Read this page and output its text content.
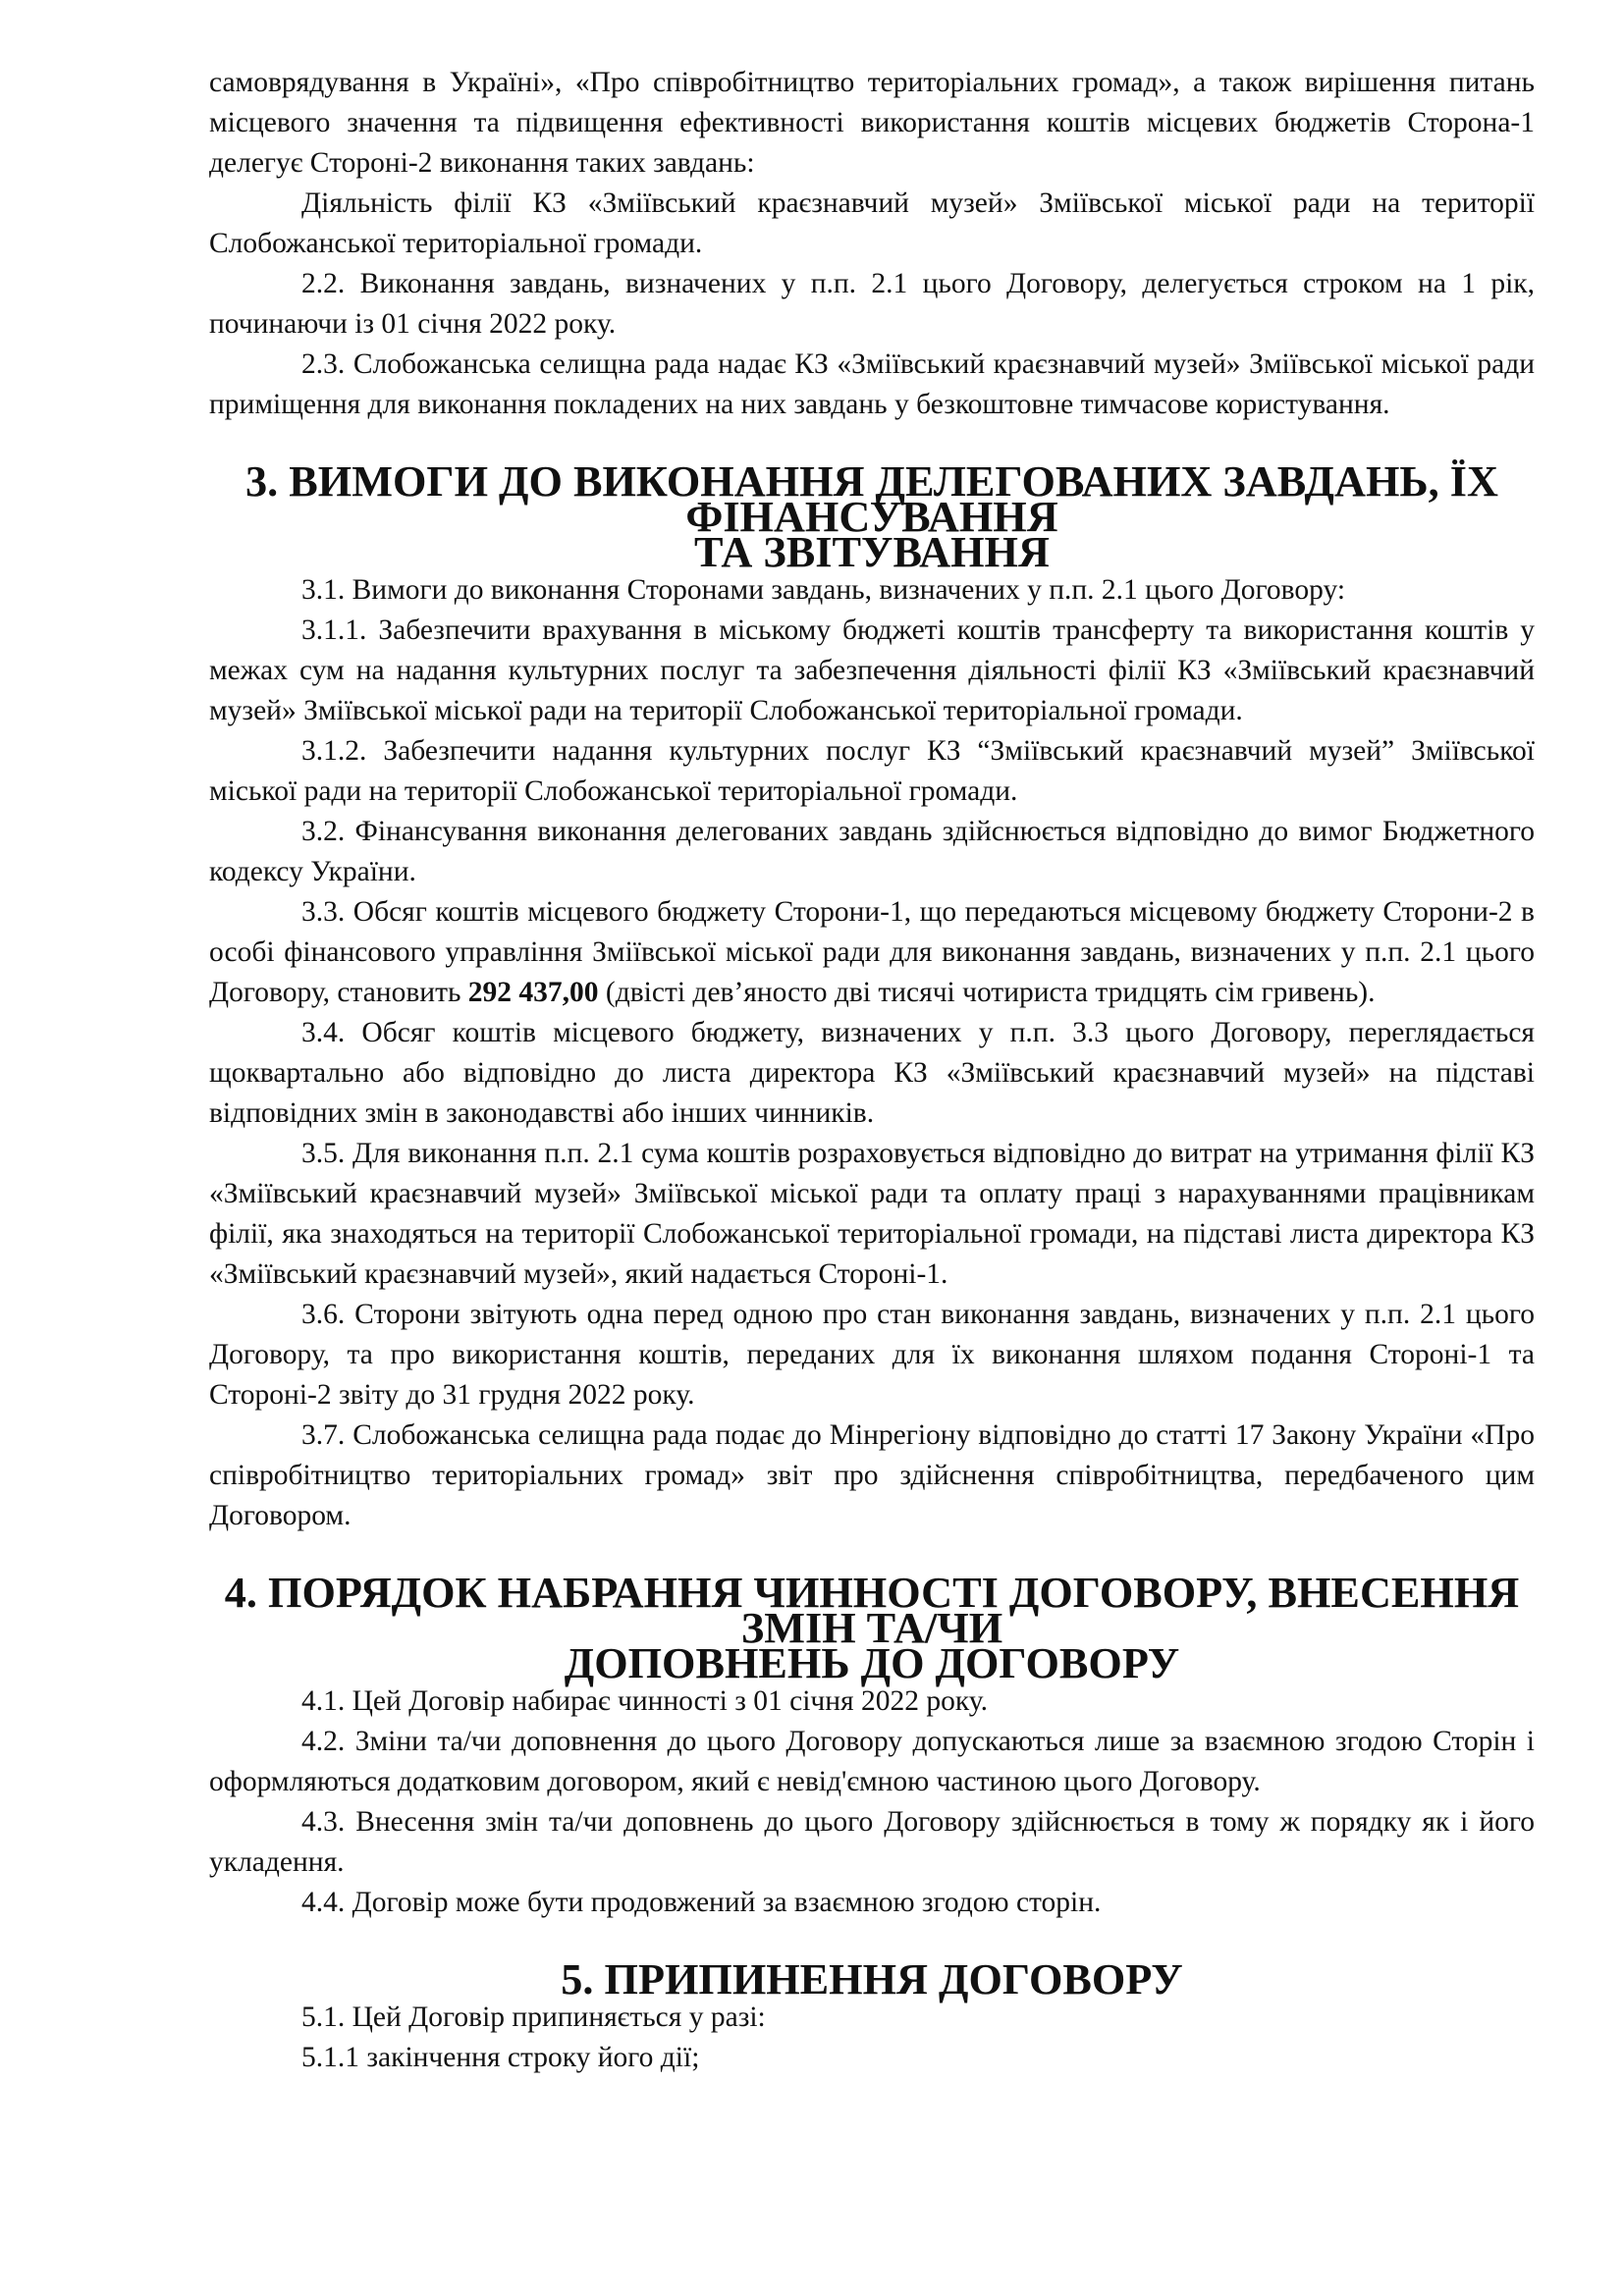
самоврядування в Україні», «Про співробітництво територіальних громад», а також вирішення питань місцевого значення та підвищення ефективності використання коштів місцевих бюджетів Сторона-1 делегує Стороні-2 виконання таких завдань:

Діяльність філії КЗ «Зміївський краєзнавчий музей» Зміївської міської ради на території Слобожанської територіальної громади.

2.2. Виконання завдань, визначених у п.п. 2.1 цього Договору, делегується строком на 1 рік, починаючи із 01 січня 2022 року.

2.3. Слобожанська селищна рада надає КЗ «Зміївський краєзнавчий музей» Зміївської міської ради приміщення для виконання покладених на них завдань у безкоштовне тимчасове користування.

3. ВИМОГИ ДО ВИКОНАННЯ ДЕЛЕГОВАНИХ ЗАВДАНЬ, ЇХ ФІНАНСУВАННЯ
ТА ЗВІТУВАННЯ

3.1. Вимоги до виконання Сторонами завдань, визначених у п.п. 2.1 цього Договору:

3.1.1. Забезпечити врахування в міському бюджеті коштів трансферту та використання коштів у межах сум на надання культурних послуг та забезпечення діяльності філії КЗ «Зміївський краєзнавчий музей» Зміївської міської ради на території Слобожанської територіальної громади.

3.1.2. Забезпечити надання культурних послуг КЗ “Зміївський краєзнавчий музей” Зміївської міської ради на території Слобожанської територіальної громади.

3.2. Фінансування виконання делегованих завдань здійснюється відповідно до вимог Бюджетного кодексу України.

3.3. Обсяг коштів місцевого бюджету Сторони-1, що передаються місцевому бюджету Сторони-2 в особі фінансового управління Зміївської міської ради для виконання завдань, визначених у п.п. 2.1 цього Договору, становить 292 437,00 (двісті дев’яносто дві тисячі чотириста тридцять сім гривень).

3.4. Обсяг коштів місцевого бюджету, визначених у п.п. 3.3 цього Договору, переглядається щоквартально або відповідно до листа директора КЗ «Зміївський краєзнавчий музей» на підставі відповідних змін в законодавстві або інших чинників.

3.5. Для виконання п.п. 2.1 сума коштів розраховується відповідно до витрат на утримання філії КЗ «Зміївський краєзнавчий музей» Зміївської міської ради та оплату праці з нарахуваннями працівникам філії, яка знаходяться на території Слобожанської територіальної громади, на підставі листа директора КЗ «Зміївський краєзнавчий музей», який надається Стороні-1.

3.6. Сторони звітують одна перед одною про стан виконання завдань, визначених у п.п. 2.1 цього Договору, та про використання коштів, переданих для їх виконання шляхом подання Стороні-1 та Стороні-2 звіту до 31 грудня 2022 року.

3.7. Слобожанська селищна рада подає до Мінрегіону відповідно до статті 17 Закону України «Про співробітництво територіальних громад» звіт про здійснення співробітництва, передбаченого цим Договором.

4. ПОРЯДОК НАБРАННЯ ЧИННОСТІ ДОГОВОРУ, ВНЕСЕННЯ ЗМІН ТА/ЧИ
ДОПОВНЕНЬ ДО ДОГОВОРУ

4.1. Цей Договір набирає чинності з 01 січня 2022 року.

4.2. Зміни та/чи доповнення до цього Договору допускаються лише за взаємною згодою Сторін і оформляються додатковим договором, який є невід'ємною частиною цього Договору.

4.3. Внесення змін та/чи доповнень до цього Договору здійснюється в тому ж порядку як і його укладення.

4.4. Договір може бути продовжений за взаємною згодою сторін.

5. ПРИПИНЕННЯ ДОГОВОРУ

5.1. Цей Договір припиняється у разі:

5.1.1 закінчення строку його дії;
